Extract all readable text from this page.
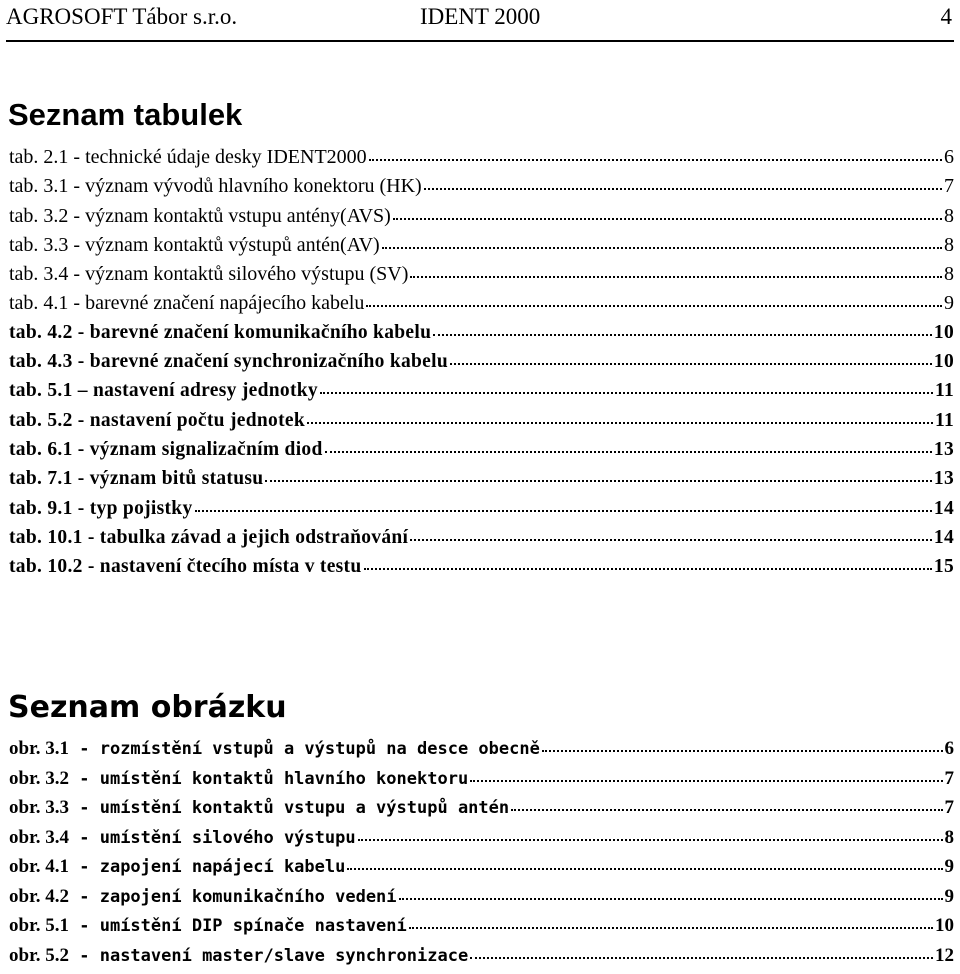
AGROSOFT Tábor s.r.o.	IDENT 2000	4
Seznam tabulek
tab. 2.1 - technické údaje desky IDENT2000	6
tab. 3.1 - význam vývodů hlavního konektoru (HK)	7
tab. 3.2 - význam kontaktů vstupu antény(AVS)	8
tab. 3.3 - význam kontaktů výstupů antén(AV)	8
tab. 3.4 - význam kontaktů silového výstupu (SV)	8
tab. 4.1 - barevné značení napájecího kabelu	9
tab. 4.2 - barevné značení komunikačního kabelu	10
tab. 4.3 - barevné značení synchronizačního kabelu	10
tab. 5.1 – nastavení adresy jednotky	11
tab. 5.2 - nastavení počtu jednotek	11
tab. 6.1 - význam signalizačním diod	13
tab. 7.1 - význam bitů statusu	13
tab. 9.1 - typ pojistky	14
tab. 10.1 - tabulka závad a jejich odstraňování	14
tab. 10.2 - nastavení čtecího místa v testu	15
Seznam obrázku
obr. 3.1 - rozmístění vstupů a výstupů na desce obecně	6
obr. 3.2 - umístění kontaktů hlavního konektoru	7
obr. 3.3 - umístění kontaktů vstupu a výstupů antén	7
obr. 3.4 - umístění silového výstupu	8
obr. 4.1 - zapojení napájecí kabelu	9
obr. 4.2 - zapojení komunikačního vedení	9
obr. 5.1 - umístění DIP spínače nastavení	10
obr. 5.2 - nastavení master/slave synchronizace	12
